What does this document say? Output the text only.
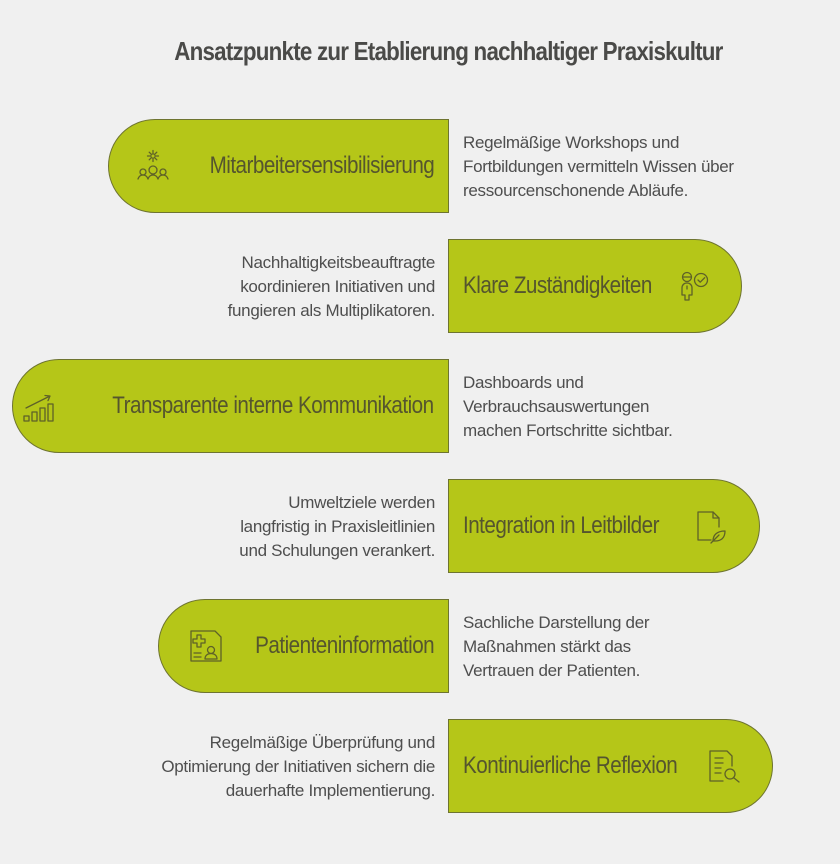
Ansatzpunkte zur Etablierung nachhaltiger Praxiskultur
Mitarbeitersensibilisierung
Regelmäßige Workshops und
Fortbildungen vermitteln Wissen über
ressourcenschonende Abläufe.
Klare Zuständigkeiten
Nachhaltigkeitsbeauftragte
koordinieren Initiativen und
fungieren als Multiplikatoren.
Transparente interne Kommunikation
Dashboards und
Verbrauchsauswertungen
machen Fortschritte sichtbar.
Integration in Leitbilder
Umweltziele werden
langfristig in Praxisleitlinien
und Schulungen verankert.
Patienteninformation
Sachliche Darstellung der
Maßnahmen stärkt das
Vertrauen der Patienten.
Kontinuierliche Reflexion
Regelmäßige Überprüfung und
Optimierung der Initiativen sichern die
dauerhafte Implementierung.
